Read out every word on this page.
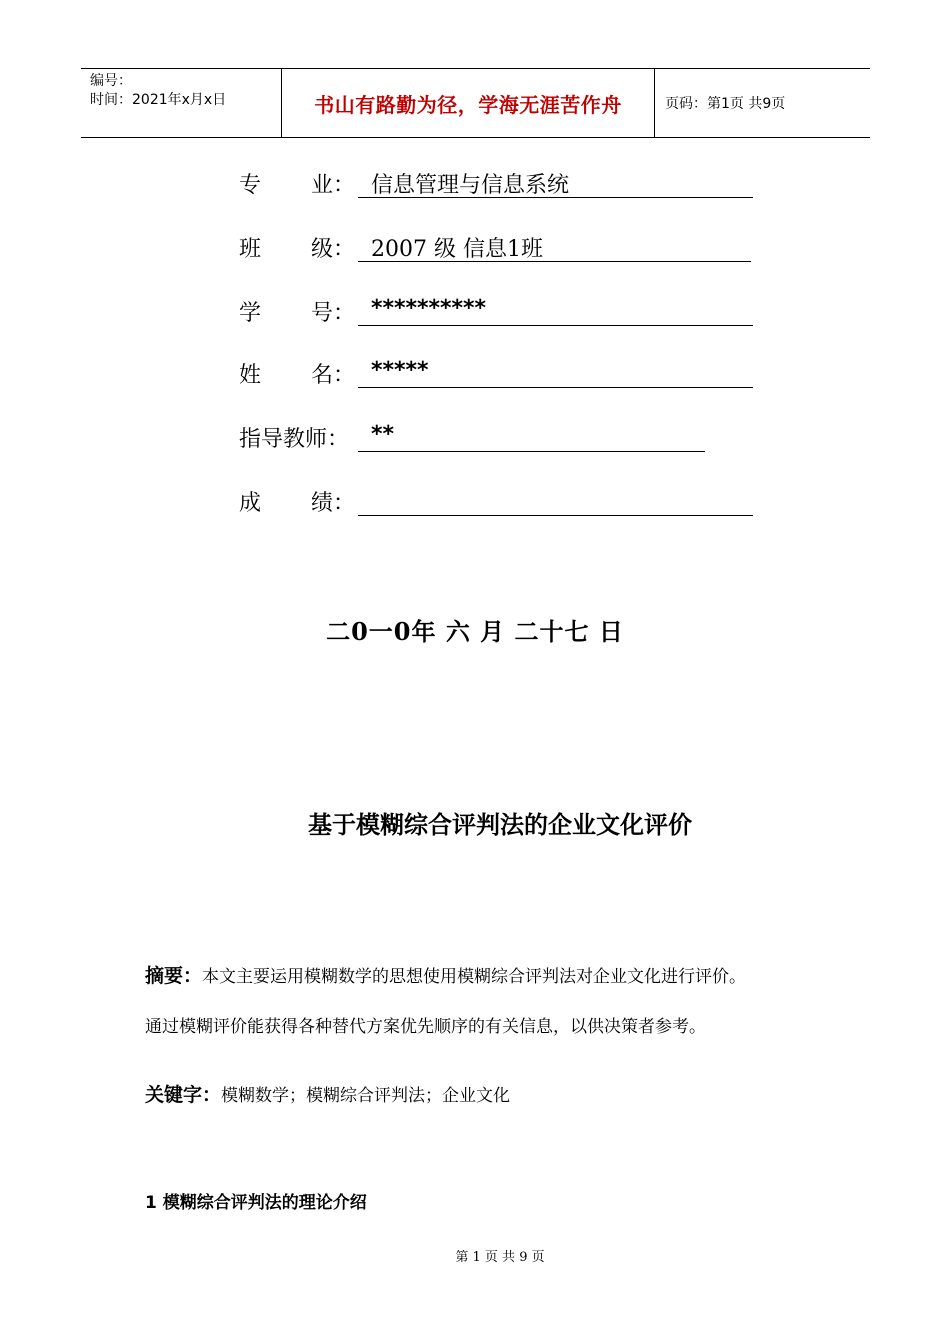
编号：
时间：2021年x月x日	书山有路勤为径，学海无涯苦作舟	页码：第1页 共9页
专 业： 信息管理与信息系统
班 级： 2007 级 信息1班
学 号： **********
姓 名： *****
指导教师： **
成 绩：
二0一0年 六 月 二十七 日
基于模糊综合评判法的企业文化评价
摘要：本文主要运用模糊数学的思想使用模糊综合评判法对企业文化进行评价。
通过模糊评价能获得各种替代方案优先顺序的有关信息，以供决策者参考。
关键字：模糊数学；模糊综合评判法；企业文化
1 模糊综合评判法的理论介绍
第 1 页 共 9 页
